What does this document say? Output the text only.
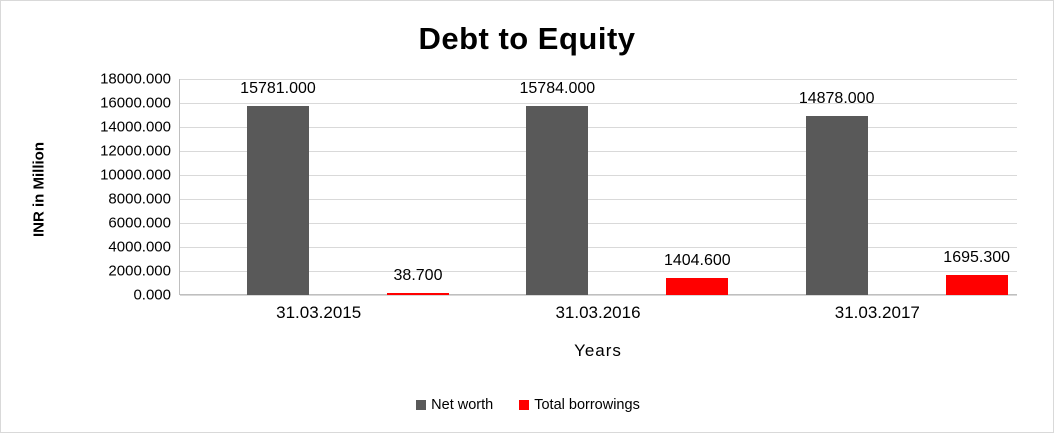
Debt to Equity
INR in Million
18000.000
16000.000
14000.000
12000.000
10000.000
8000.000
6000.000
4000.000
2000.000
0.000
15781.000
38.700
15784.000
1404.600
14878.000
1695.300
31.03.2015	31.03.2016	31.03.2017
Years
Net worth	Total borrowings
